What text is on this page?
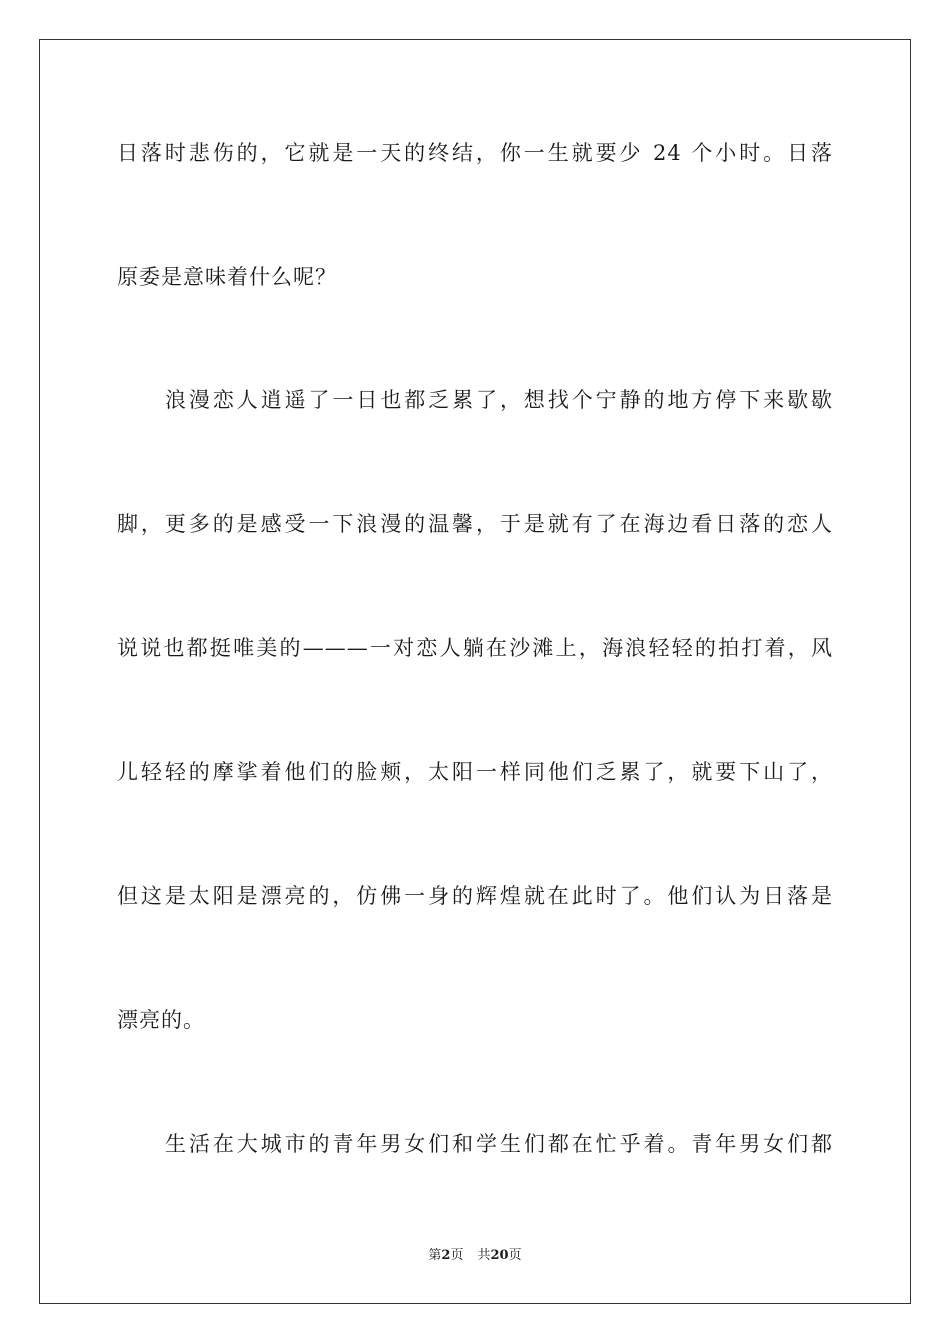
日落时悲伤的，它就是一天的终结，你一生就要少 24 个小时。日落
原委是意味着什么呢？
浪漫恋人逍遥了一日也都乏累了，想找个宁静的地方停下来歇歇
脚，更多的是感受一下浪漫的温馨，于是就有了在海边看日落的恋人
说说也都挺唯美的———一对恋人躺在沙滩上，海浪轻轻的拍打着，风
儿轻轻的摩挲着他们的脸颊，太阳一样同他们乏累了，就要下山了，
但这是太阳是漂亮的，仿佛一身的辉煌就在此时了。他们认为日落是
漂亮的。
生活在大城市的青年男女们和学生们都在忙乎着。青年男女们都
第2页 共20页
